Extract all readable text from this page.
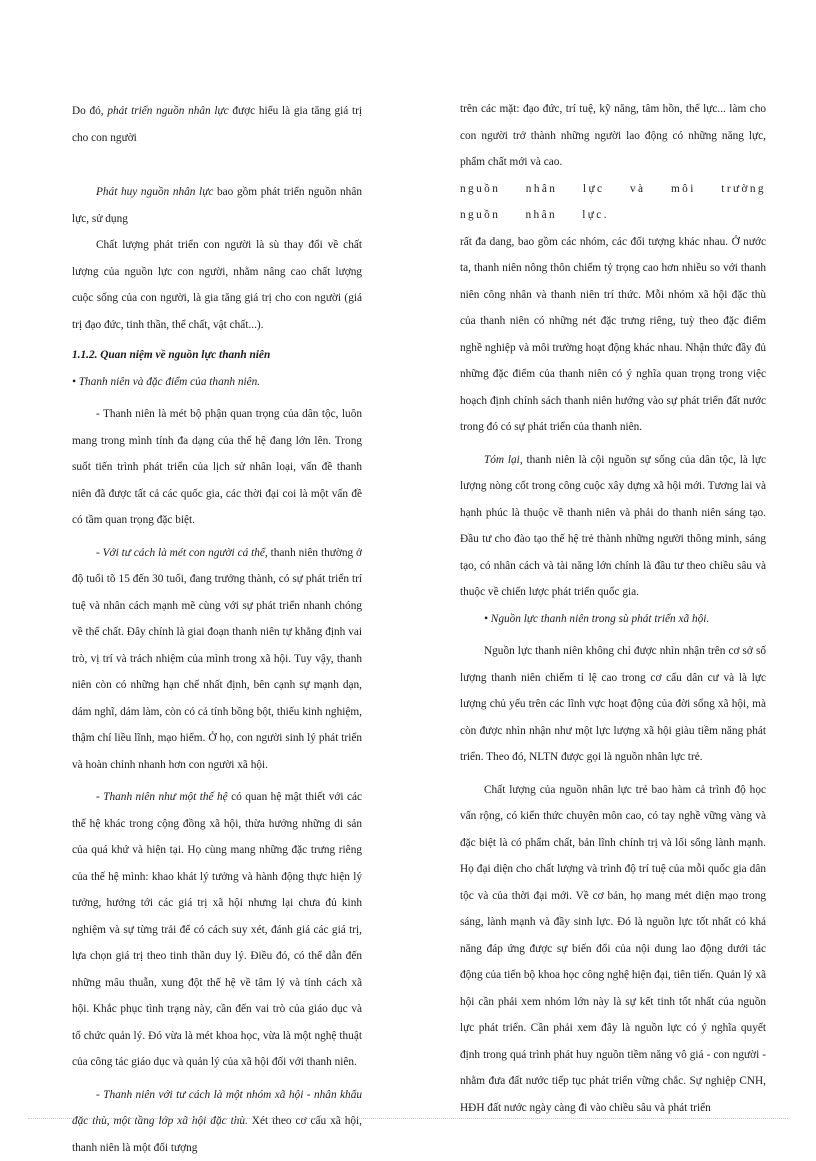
Do đó, phát triển nguồn nhân lực được hiểu là gia tăng giá trị cho con người

Phát huy nguồn nhân lực bao gồm phát triển nguồn nhân lực, sử dụng

Chất lượng phát triển con người là sù thay đổi về chất lượng của nguồn lực con người, nhằm nâng cao chất lượng cuộc sống của con người, là gia tăng giá trị cho con người (giá trị đạo đức, tinh thần, thể chất, vật chất...).

1.1.2. Quan niệm về nguồn lực thanh niên

• Thanh niên và đặc điểm của thanh niên.

- Thanh niên là mét bộ phận quan trọng của dân tộc, luôn mang trong mình tính đa dạng của thế hệ đang lớn lên. Trong suốt tiến trình phát triển của lịch sử nhân loại, vấn đề thanh niên đã được tất cả các quốc gia, các thời đại coi là một vấn đề có tầm quan trọng đặc biệt.

- Với tư cách là mét con người cá thể, thanh niên thường ở độ tuổi tõ 15 đến 30 tuổi, đang trưởng thành, có sự phát triển trí tuệ và nhân cách mạnh mẽ cùng với sự phát triển nhanh chóng về thể chất. Đây chính là giai đoạn thanh niên tự khẳng định vai trò, vị trí và trách nhiệm của mình trong xã hội. Tuy vậy, thanh niên còn có những hạn chế nhất định, bên cạnh sự mạnh dạn, dám nghĩ, dám làm, còn có cả tính bồng bột, thiếu kinh nghiệm, thậm chí liều lĩnh, mạo hiểm. Ở họ, con người sinh lý phát triển và hoàn chỉnh nhanh hơn con người xã hội.

- Thanh niên như một thế hệ có quan hệ mật thiết với các thế hệ khác trong cộng đồng xã hội, thừa hưởng những di sản của quá khứ và hiện tại. Họ cùng mang những đặc trưng riêng của thế hệ mình: khao khát lý tưởng và hành động thực hiện lý tưởng, hướng tới các giá trị xã hội nhưng lại chưa đủ kinh nghiệm và sự từng trải để có cách suy xét, đánh giá các giá trị, lựa chọn giá trị theo tinh thần duy lý. Điều đó, có thể dẫn đến những mâu thuẫn, xung đột thế hệ về tâm lý và tính cách xã hội. Khắc phục tình trạng này, cần đến vai trò của giáo dục và tổ chức quản lý. Đó vừa là mét khoa học, vừa là một nghệ thuật của công tác giáo dục và quản lý của xã hội đối với thanh niên.

- Thanh niên với tư cách là một nhóm xã hội - nhân khẩu đặc thù, một tầng lớp xã hội đặc thù. Xét theo cơ cấu xã hội, thanh niên là một đối tượng

trên các mặt: đạo đức, trí tuệ, kỹ năng, tâm hồn, thể lực... làm cho con người trở thành những người lao động có những năng lực, phẩm chất mới và cao.

nguồn nhân lực và môi trường nguồn nhân lực.

rất đa dang, bao gồm các nhóm, các đối tượng khác nhau. Ở nước ta, thanh niên nông thôn chiếm tỷ trọng cao hơn nhiều so với thanh niên công nhân và thanh niên trí thức. Mỗi nhóm xã hội đặc thù của thanh niên có những nét đặc trưng riêng, tuỳ theo đặc điểm nghề nghiệp và môi trường hoạt động khác nhau. Nhận thức đầy đủ những đặc điểm của thanh niên có ý nghĩa quan trọng trong việc hoạch định chính sách thanh niên hướng vào sự phát triển đất nước trong đó có sự phát triển của thanh niên.

Tóm lại, thanh niên là cội nguồn sự sống của dân tộc, là lực lượng nòng cốt trong công cuộc xây dựng xã hội mới. Tương lai và hạnh phúc là thuộc về thanh niên và phải do thanh niên sáng tạo. Đầu tư cho đào tạo thế hệ trẻ thành những người thông minh, sáng tạo, có nhân cách và tài năng lớn chính là đầu tư theo chiều sâu và thuộc về chiến lược phát triển quốc gia.

• Nguồn lực thanh niên trong sù phát triển xã hội.

Nguồn lực thanh niên không chỉ được nhìn nhận trên cơ sở số lượng thanh niên chiếm tỉ lệ cao trong cơ cấu dân cư và là lực lượng chủ yếu trên các lĩnh vực hoạt động của đời sống xã hội, mà còn được nhìn nhận như một lực lượng xã hội giàu tiềm năng phát triển. Theo đó, NLTN được gọi là nguồn nhân lực trẻ.

Chất lượng của nguồn nhân lực trẻ bao hàm cả trình độ học vấn rộng, có kiến thức chuyên môn cao, có tay nghề vững vàng và đặc biệt là có phẩm chất, bản lĩnh chính trị và lối sống lành mạnh. Họ đại diện cho chất lượng và trình độ trí tuệ của mỗi quốc gia dân tộc và của thời đại mới. Về cơ bản, họ mang mét diện mạo trong sáng, lành mạnh và đầy sinh lực. Đó là nguồn lực tốt nhất có khả năng đáp ứng được sự biến đổi của nội dung lao động dưới tác động của tiến bộ khoa học công nghệ hiện đại, tiên tiến. Quản lý xã hội cần phải xem nhóm lớn này là sự kết tinh tốt nhất của nguồn lực phát triển. Cần phải xem đây là nguồn lực có ý nghĩa quyết định trong quá trình phát huy nguồn tiềm năng vô giá - con người - nhằm đưa đất nước tiếp tục phát triển vững chắc. Sự nghiệp CNH, HĐH đất nước ngày càng đi vào chiều sâu và phát triển
